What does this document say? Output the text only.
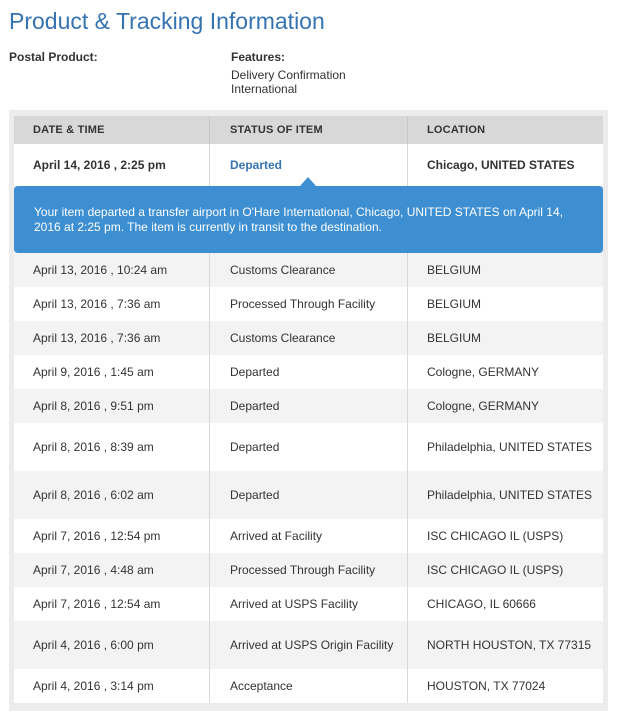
Product & Tracking Information
Postal Product:	Features:
Delivery Confirmation
International
DATE & TIME	STATUS OF ITEM	LOCATION
April 14, 2016 , 2:25 pm	Departed	Chicago, UNITED STATES
Your item departed a transfer airport in O'Hare International, Chicago, UNITED STATES on April 14, 2016 at 2:25 pm. The item is currently in transit to the destination.
April 13, 2016 , 10:24 am	Customs Clearance	BELGIUM
April 13, 2016 , 7:36 am	Processed Through Facility	BELGIUM
April 13, 2016 , 7:36 am	Customs Clearance	BELGIUM
April 9, 2016 , 1:45 am	Departed	Cologne, GERMANY
April 8, 2016 , 9:51 pm	Departed	Cologne, GERMANY
April 8, 2016 , 8:39 am	Departed	Philadelphia, UNITED STATES
April 8, 2016 , 6:02 am	Departed	Philadelphia, UNITED STATES
April 7, 2016 , 12:54 pm	Arrived at Facility	ISC CHICAGO IL (USPS)
April 7, 2016 , 4:48 am	Processed Through Facility	ISC CHICAGO IL (USPS)
April 7, 2016 , 12:54 am	Arrived at USPS Facility	CHICAGO, IL 60666
April 4, 2016 , 6:00 pm	Arrived at USPS Origin Facility	NORTH HOUSTON, TX 77315
April 4, 2016 , 3:14 pm	Acceptance	HOUSTON, TX 77024
